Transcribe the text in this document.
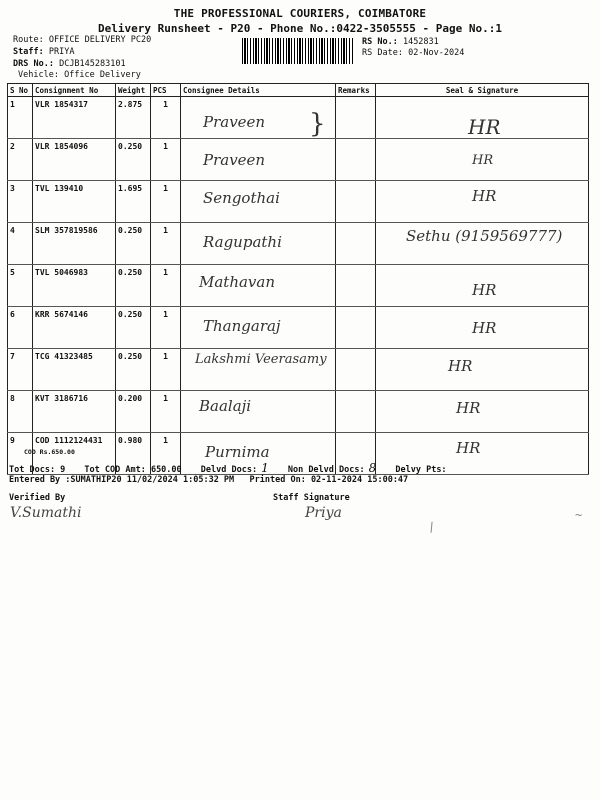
THE PROFESSIONAL COURIERS, COIMBATORE
Delivery Runsheet - P20 - Phone No.:0422-3505555 - Page No.:1
Route: OFFICE DELIVERY PC20
Staff: PRIYA
DRS No.: DCJB145283101
Vehicle: Office Delivery
RS No.: 1452831
RS Date: 02-Nov-2024
S No	Consignment No	Weight	PCS	Consignee Details	Remarks	Seal & Signature
1	VLR 1854317	2.875	1	Praveen }		HR

2	VLR 1854096	0.250	1	Praveen		HR

3	TVL 139410	1.695	1	Sengothai		HR

4	SLM 357819586	0.250	1	Ragupathi		Sethu (9159569777)

5	TVL 5046983	0.250	1	Mathavan		HR

6	KRR 5674146	0.250	1	Thangaraj		HR

7	TCG 41323485	0.250	1	Lakshmi Veerasamy		HR

8	KVT 3186716	0.200	1	Baalaji		HR

9	COD 1112124431	0.980	1	Purnima		HR
COD Rs.650.00
Tot Docs: 9 Tot COD Amt: 650.00 Delvd Docs: 1 Non Delvd Docs: 8 Delvy Pts:
Entered By :SUMATHIP20 11/02/2024 1:05:32 PM Printed On: 02-11-2024 15:00:47
Verified By
V.Sumathi
Staff Signature
Priya
/
~
